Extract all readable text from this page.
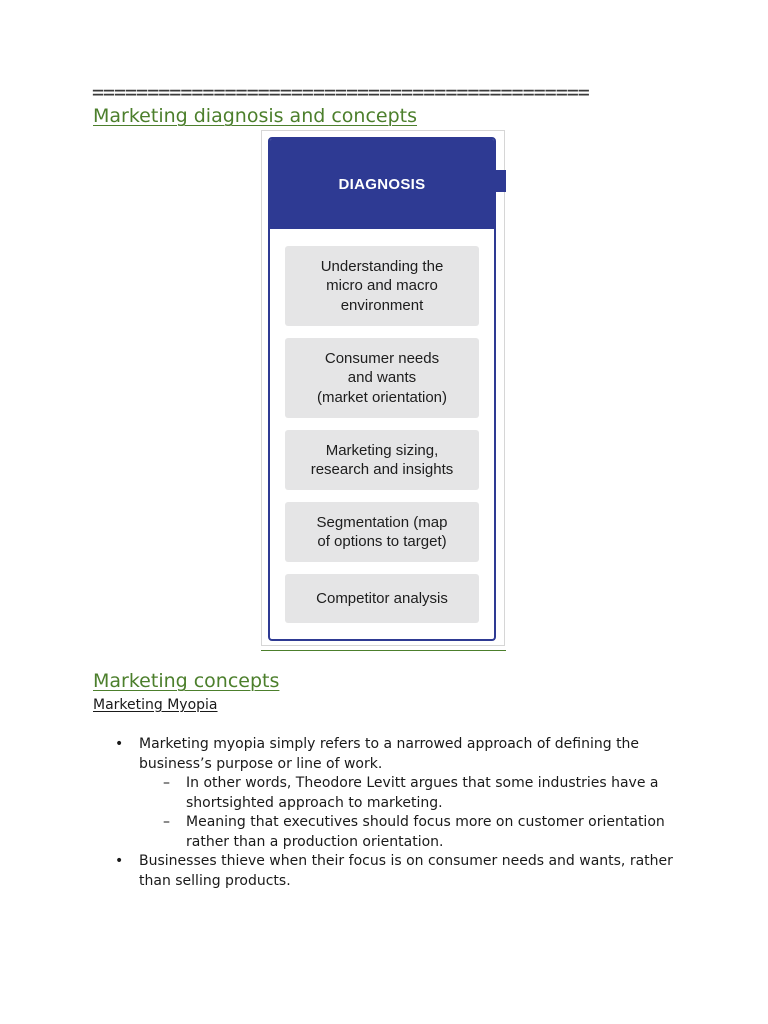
=============================================
Marketing diagnosis and concepts
DIAGNOSIS
Understanding the
micro and macro
environment
Consumer needs
and wants
(market orientation)
Marketing sizing,
research and insights
Segmentation (map
of options to target)
Competitor analysis
Marketing concepts
Marketing Myopia
• Marketing myopia simply refers to a narrowed approach of defining the business’s purpose or line of work.
– In other words, Theodore Levitt argues that some industries have a shortsighted approach to marketing.
– Meaning that executives should focus more on customer orientation rather than a production orientation.
• Businesses thieve when their focus is on consumer needs and wants, rather than selling products.
